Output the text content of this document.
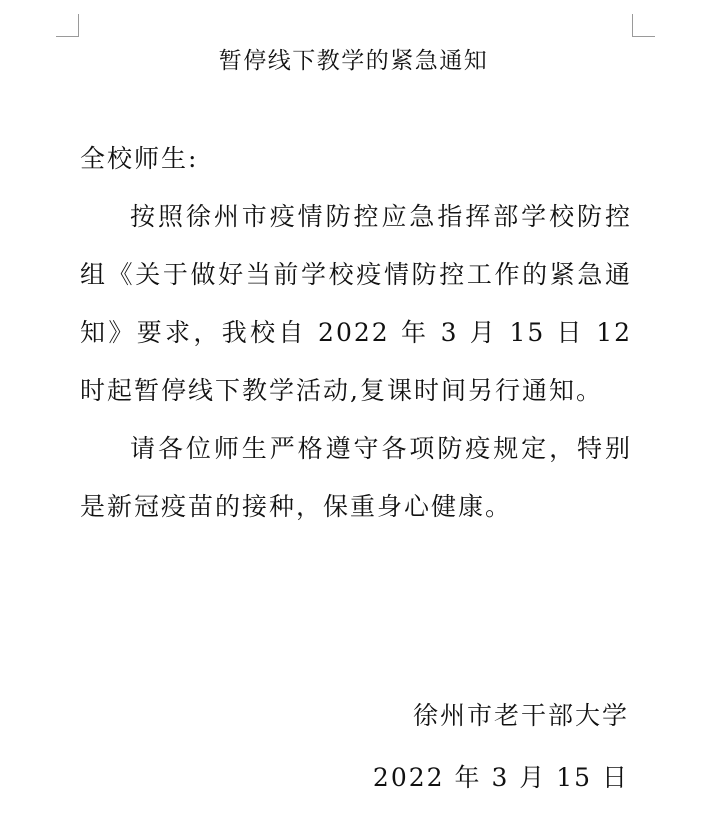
暂停线下教学的紧急通知

全校师生:

按照徐州市疫情防控应急指挥部学校防控组《关于做好当前学校疫情防控工作的紧急通知》要求，我校自 2022 年 3 月 15 日 12 时起暂停线下教学活动,复课时间另行通知。

请各位师生严格遵守各项防疫规定，特别是新冠疫苗的接种，保重身心健康。

徐州市老干部大学
2022 年 3 月 15 日
